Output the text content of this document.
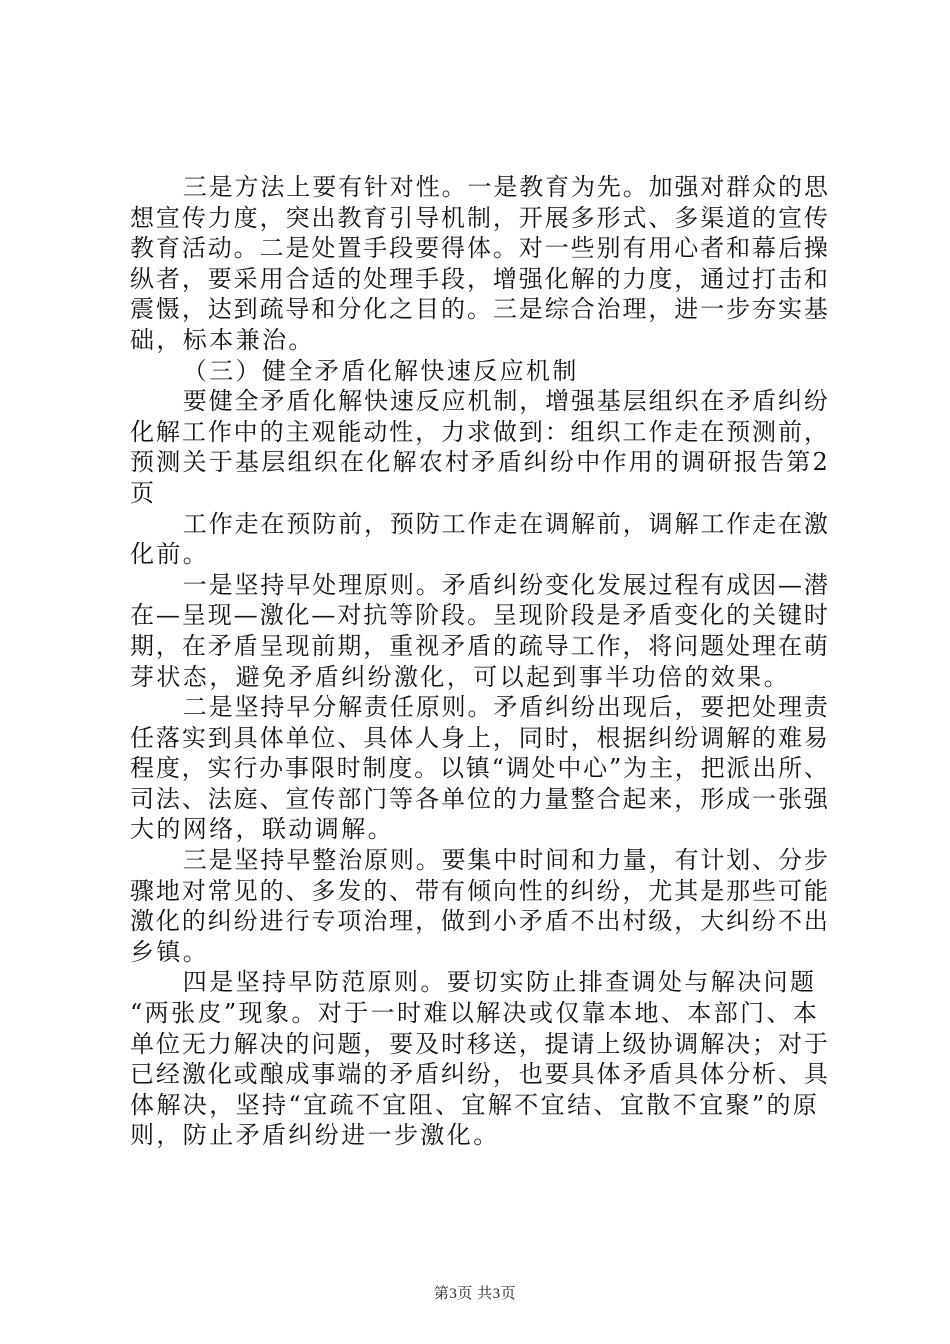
三是方法上要有针对性。一是教育为先。加强对群众的思
想宣传力度，突出教育引导机制，开展多形式、多渠道的宣传
教育活动。二是处置手段要得体。对一些别有用心者和幕后操
纵者，要采用合适的处理手段，增强化解的力度，通过打击和
震慑，达到疏导和分化之目的。三是综合治理，进一步夯实基
础，标本兼治。
（三）健全矛盾化解快速反应机制
要健全矛盾化解快速反应机制，增强基层组织在矛盾纠纷
化解工作中的主观能动性，力求做到：组织工作走在预测前，
预测关于基层组织在化解农村矛盾纠纷中作用的调研报告第2
页
工作走在预防前，预防工作走在调解前，调解工作走在激
化前。
一是坚持早处理原则。矛盾纠纷变化发展过程有成因—潜
在—呈现—激化—对抗等阶段。呈现阶段是矛盾变化的关键时
期，在矛盾呈现前期，重视矛盾的疏导工作，将问题处理在萌
芽状态，避免矛盾纠纷激化，可以起到事半功倍的效果。
二是坚持早分解责任原则。矛盾纠纷出现后，要把处理责
任落实到具体单位、具体人身上，同时，根据纠纷调解的难易
程度，实行办事限时制度。以镇“调处中心”为主，把派出所、
司法、法庭、宣传部门等各单位的力量整合起来，形成一张强
大的网络，联动调解。
三是坚持早整治原则。要集中时间和力量，有计划、分步
骤地对常见的、多发的、带有倾向性的纠纷，尤其是那些可能
激化的纠纷进行专项治理，做到小矛盾不出村级，大纠纷不出
乡镇。
四是坚持早防范原则。要切实防止排查调处与解决问题
“两张皮”现象。对于一时难以解决或仅靠本地、本部门、本
单位无力解决的问题，要及时移送，提请上级协调解决；对于
已经激化或酿成事端的矛盾纠纷，也要具体矛盾具体分析、具
体解决，坚持“宜疏不宜阻、宜解不宜结、宜散不宜聚”的原
则，防止矛盾纠纷进一步激化。
第3页 共3页
